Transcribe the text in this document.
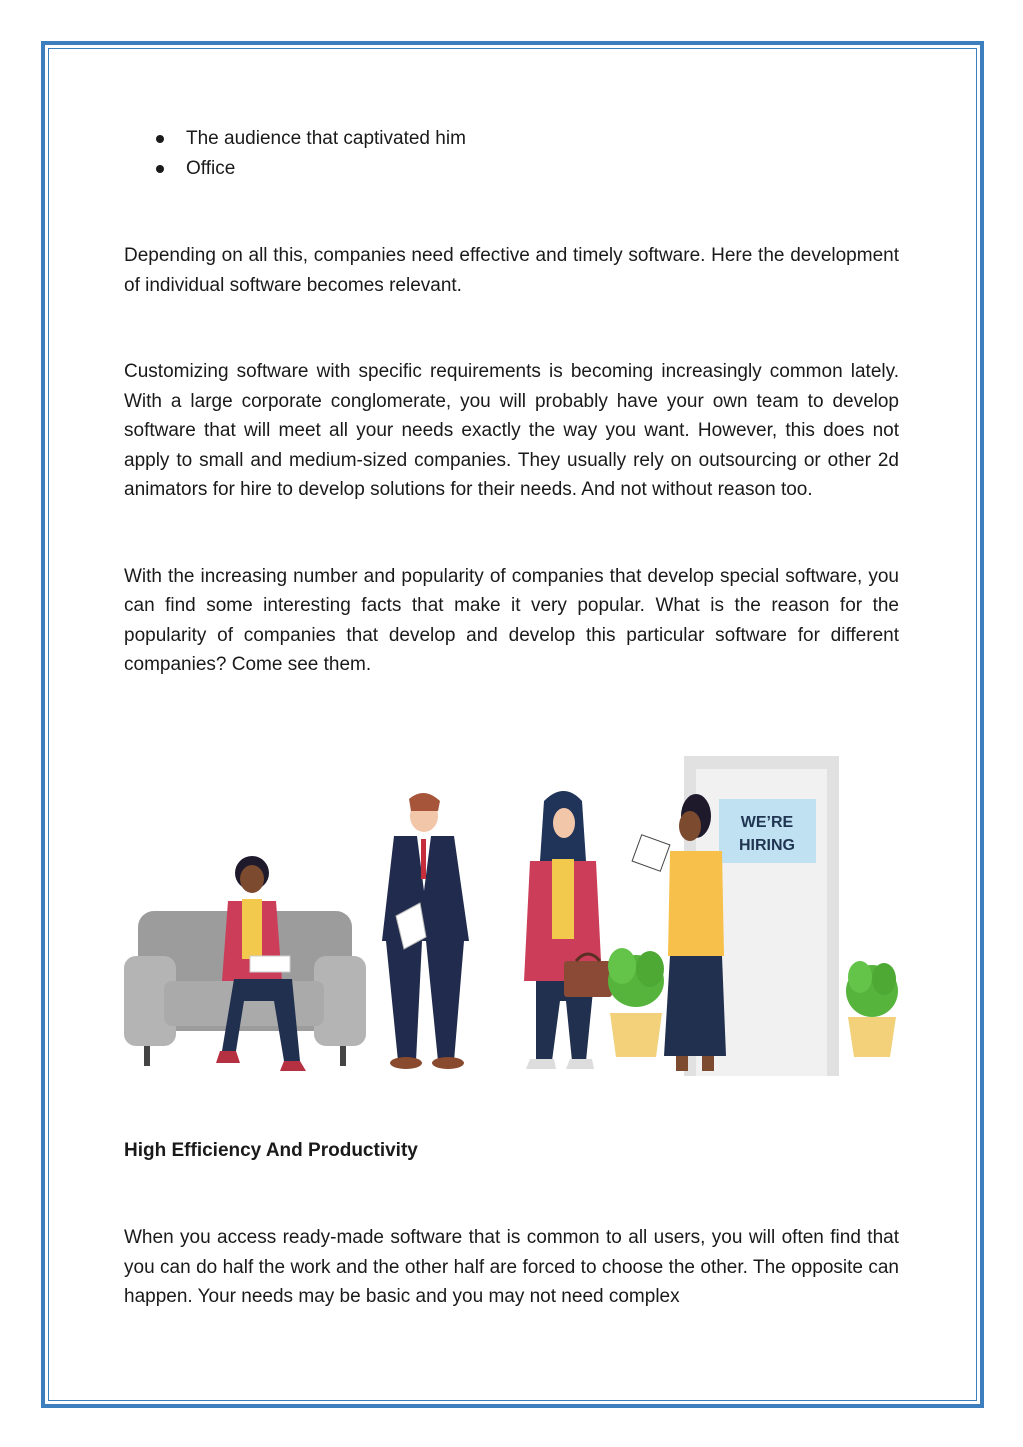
The audience that captivated him
Office

Depending on all this, companies need effective and timely software. Here the development of individual software becomes relevant.

Customizing software with specific requirements is becoming increasingly common lately. With a large corporate conglomerate, you will probably have your own team to develop software that will meet all your needs exactly the way you want. However, this does not apply to small and medium-sized companies. They usually rely on outsourcing or other 2d animators for hire to develop solutions for their needs. And not without reason too.

With the increasing number and popularity of companies that develop special software, you can find some interesting facts that make it very popular. What is the reason for the popularity of companies that develop and develop this particular software for different companies? Come see them.

WE’RE
HIRING

High Efficiency And Productivity

When you access ready-made software that is common to all users, you will often find that you can do half the work and the other half are forced to choose the other. The opposite can happen. Your needs may be basic and you may not need complex
